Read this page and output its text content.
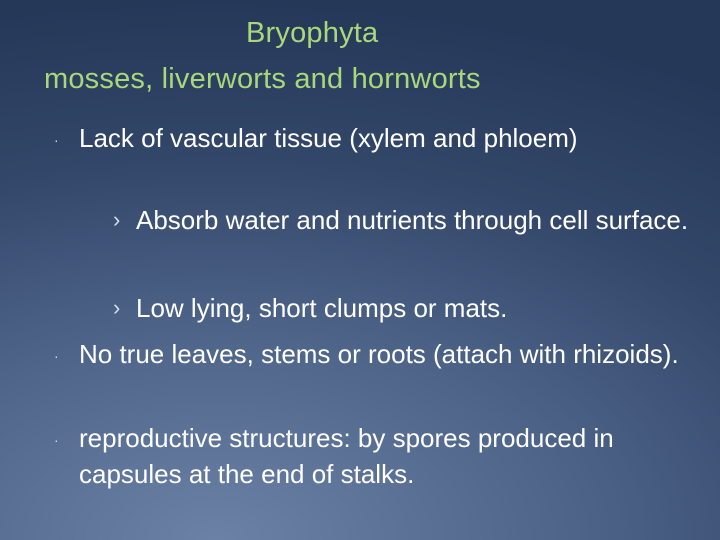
Bryophyta
mosses, liverworts and hornworts
· Lack of vascular tissue (xylem and phloem)
› Absorb water and nutrients through cell surface.
› Low lying, short clumps or mats.
· No true leaves, stems or roots (attach with rhizoids).
· reproductive structures: by spores produced in capsules at the end of stalks.
